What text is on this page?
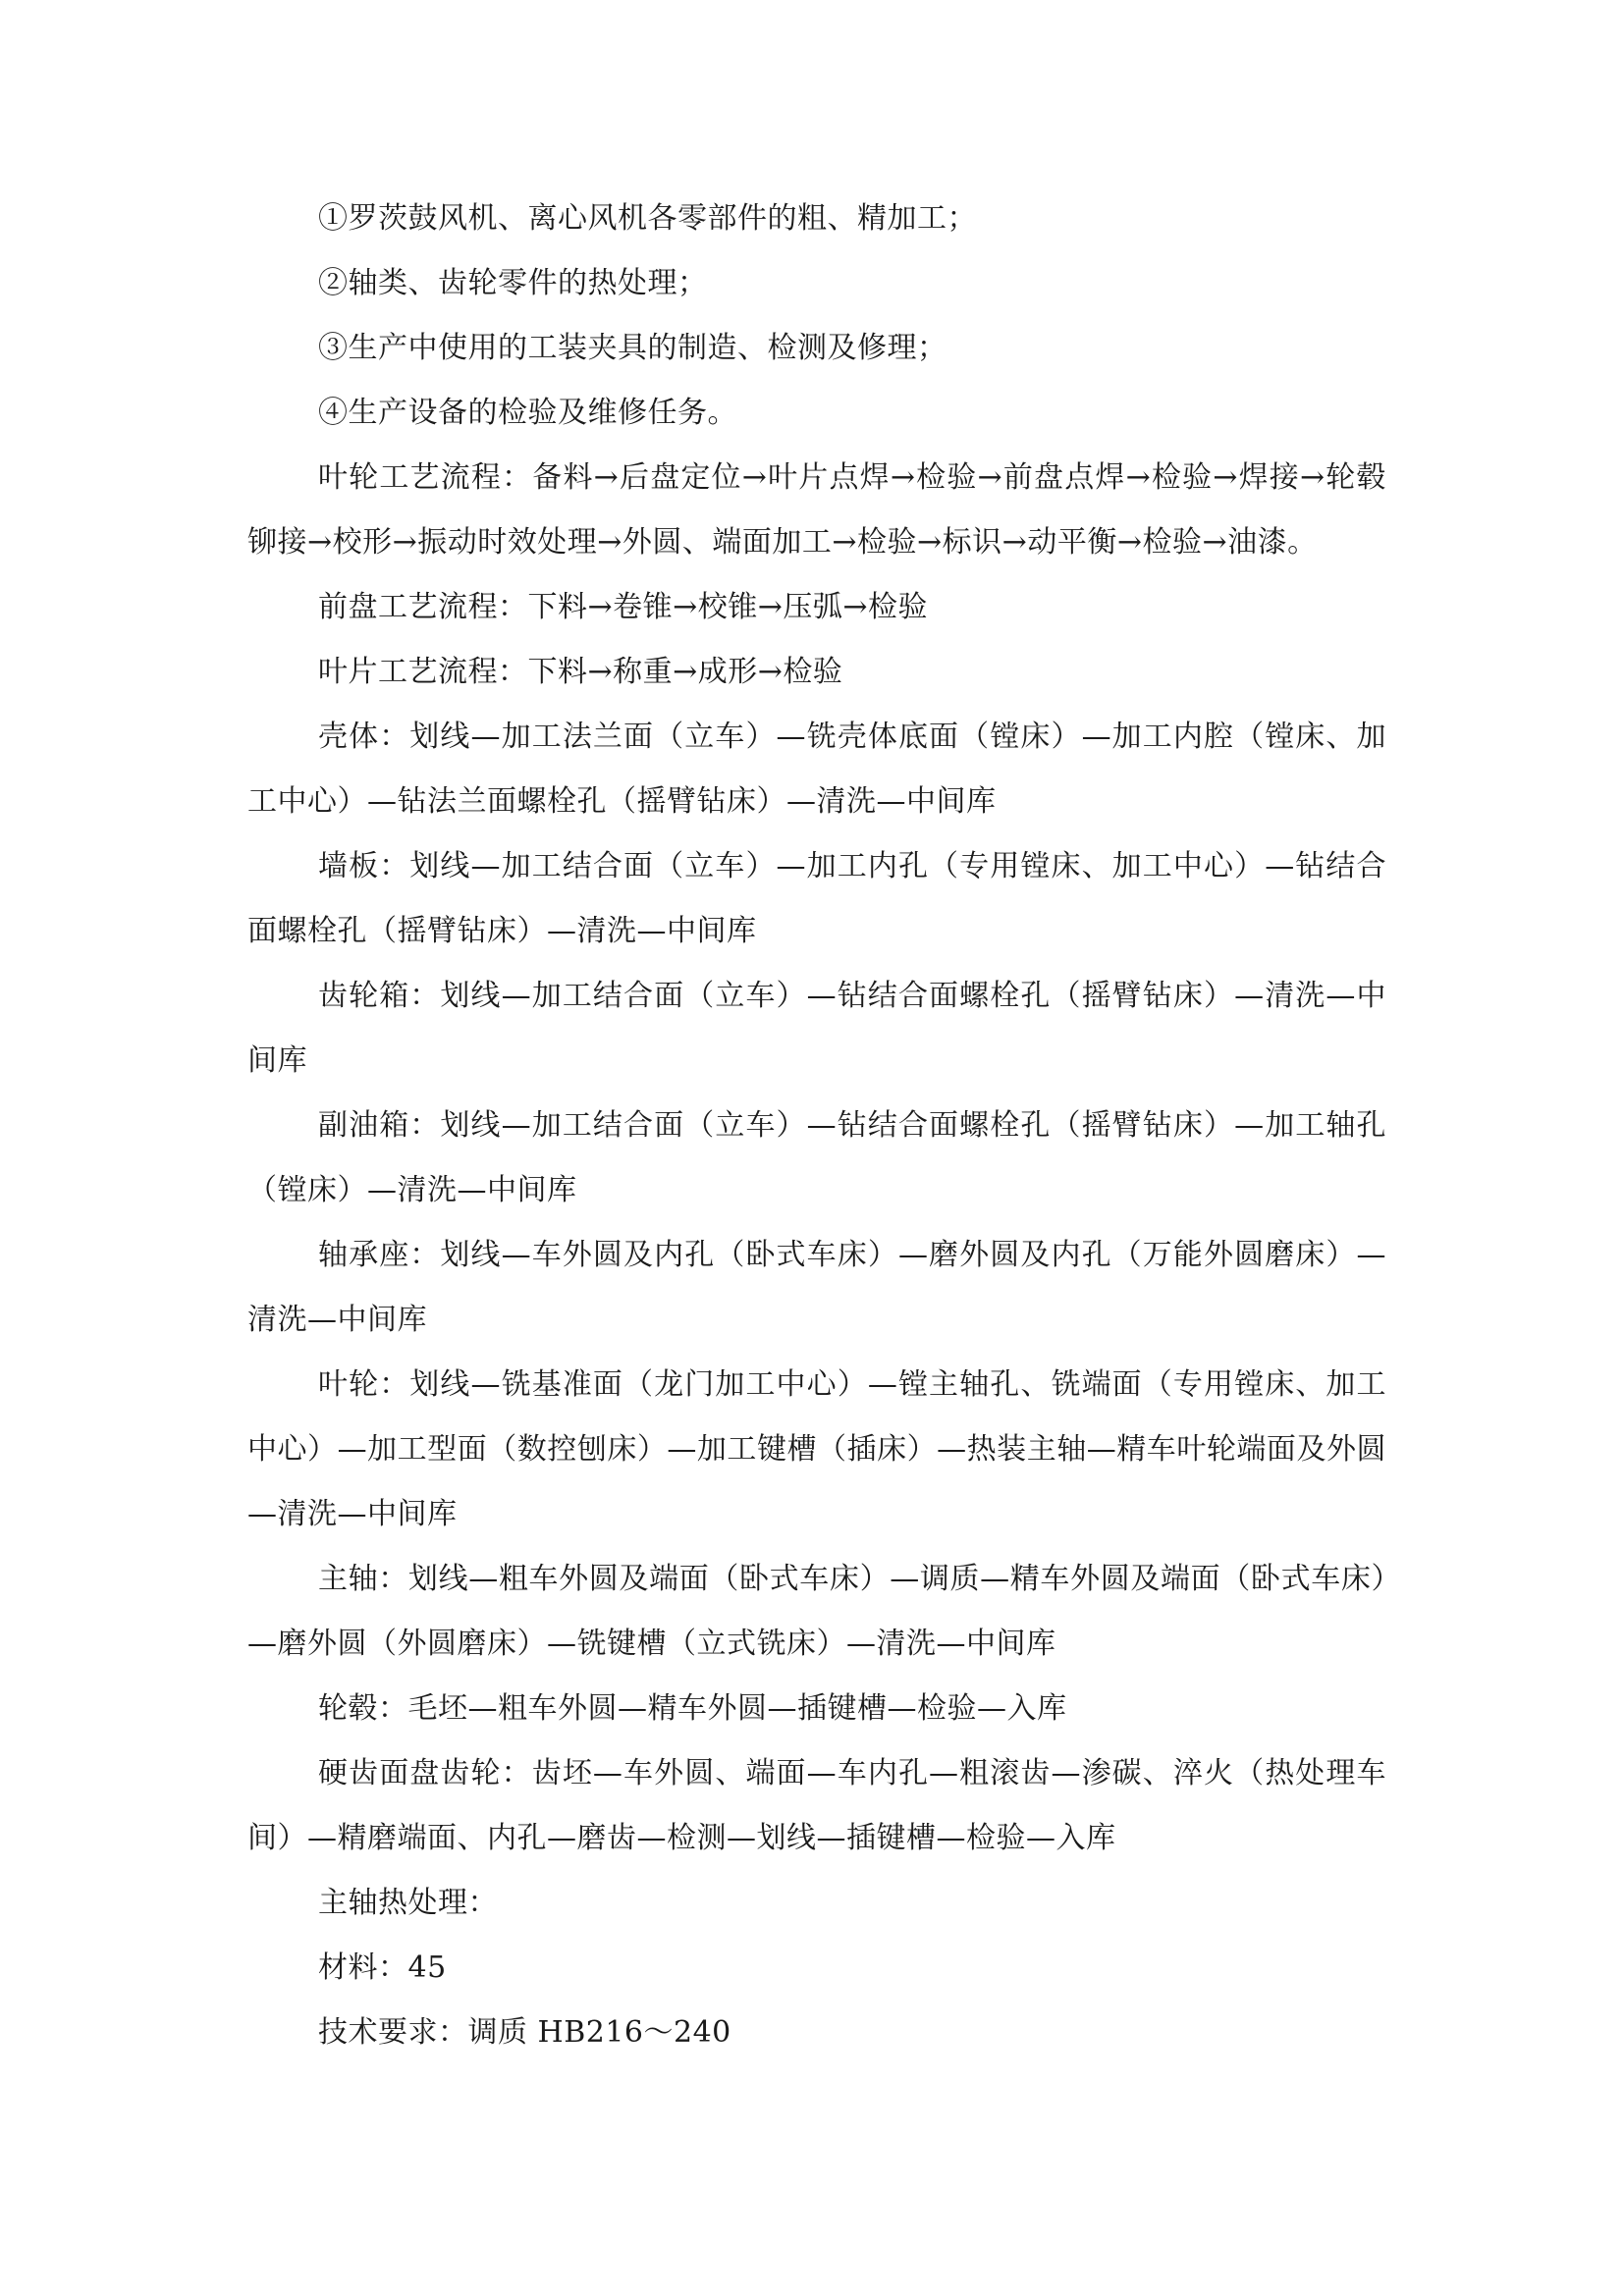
①罗茨鼓风机、离心风机各零部件的粗、精加工；

②轴类、齿轮零件的热处理；

③生产中使用的工装夹具的制造、检测及修理；

④生产设备的检验及维修任务。

叶轮工艺流程：备料→后盘定位→叶片点焊→检验→前盘点焊→检验→焊接→轮毂铆接→校形→振动时效处理→外圆、端面加工→检验→标识→动平衡→检验→油漆。

前盘工艺流程：下料→卷锥→校锥→压弧→检验

叶片工艺流程：下料→称重→成形→检验

壳体：划线—加工法兰面（立车）—铣壳体底面（镗床）—加工内腔（镗床、加工中心）—钻法兰面螺栓孔（摇臂钻床）—清洗—中间库

墙板：划线—加工结合面（立车）—加工内孔（专用镗床、加工中心）—钻结合面螺栓孔（摇臂钻床）—清洗—中间库

齿轮箱：划线—加工结合面（立车）—钻结合面螺栓孔（摇臂钻床）—清洗—中间库

副油箱：划线—加工结合面（立车）—钻结合面螺栓孔（摇臂钻床）—加工轴孔（镗床）—清洗—中间库

轴承座：划线—车外圆及内孔（卧式车床）—磨外圆及内孔（万能外圆磨床）—清洗—中间库

叶轮：划线—铣基准面（龙门加工中心）—镗主轴孔、铣端面（专用镗床、加工中心）—加工型面（数控刨床）—加工键槽（插床）—热装主轴—精车叶轮端面及外圆—清洗—中间库

主轴：划线—粗车外圆及端面（卧式车床）—调质—精车外圆及端面（卧式车床）—磨外圆（外圆磨床）—铣键槽（立式铣床）—清洗—中间库

轮毂：毛坯—粗车外圆—精车外圆—插键槽—检验—入库

硬齿面盘齿轮：齿坯—车外圆、端面—车内孔—粗滚齿—渗碳、淬火（热处理车间）—精磨端面、内孔—磨齿—检测—划线—插键槽—检验—入库

主轴热处理：

材料：45

技术要求：调质 HB216～240
